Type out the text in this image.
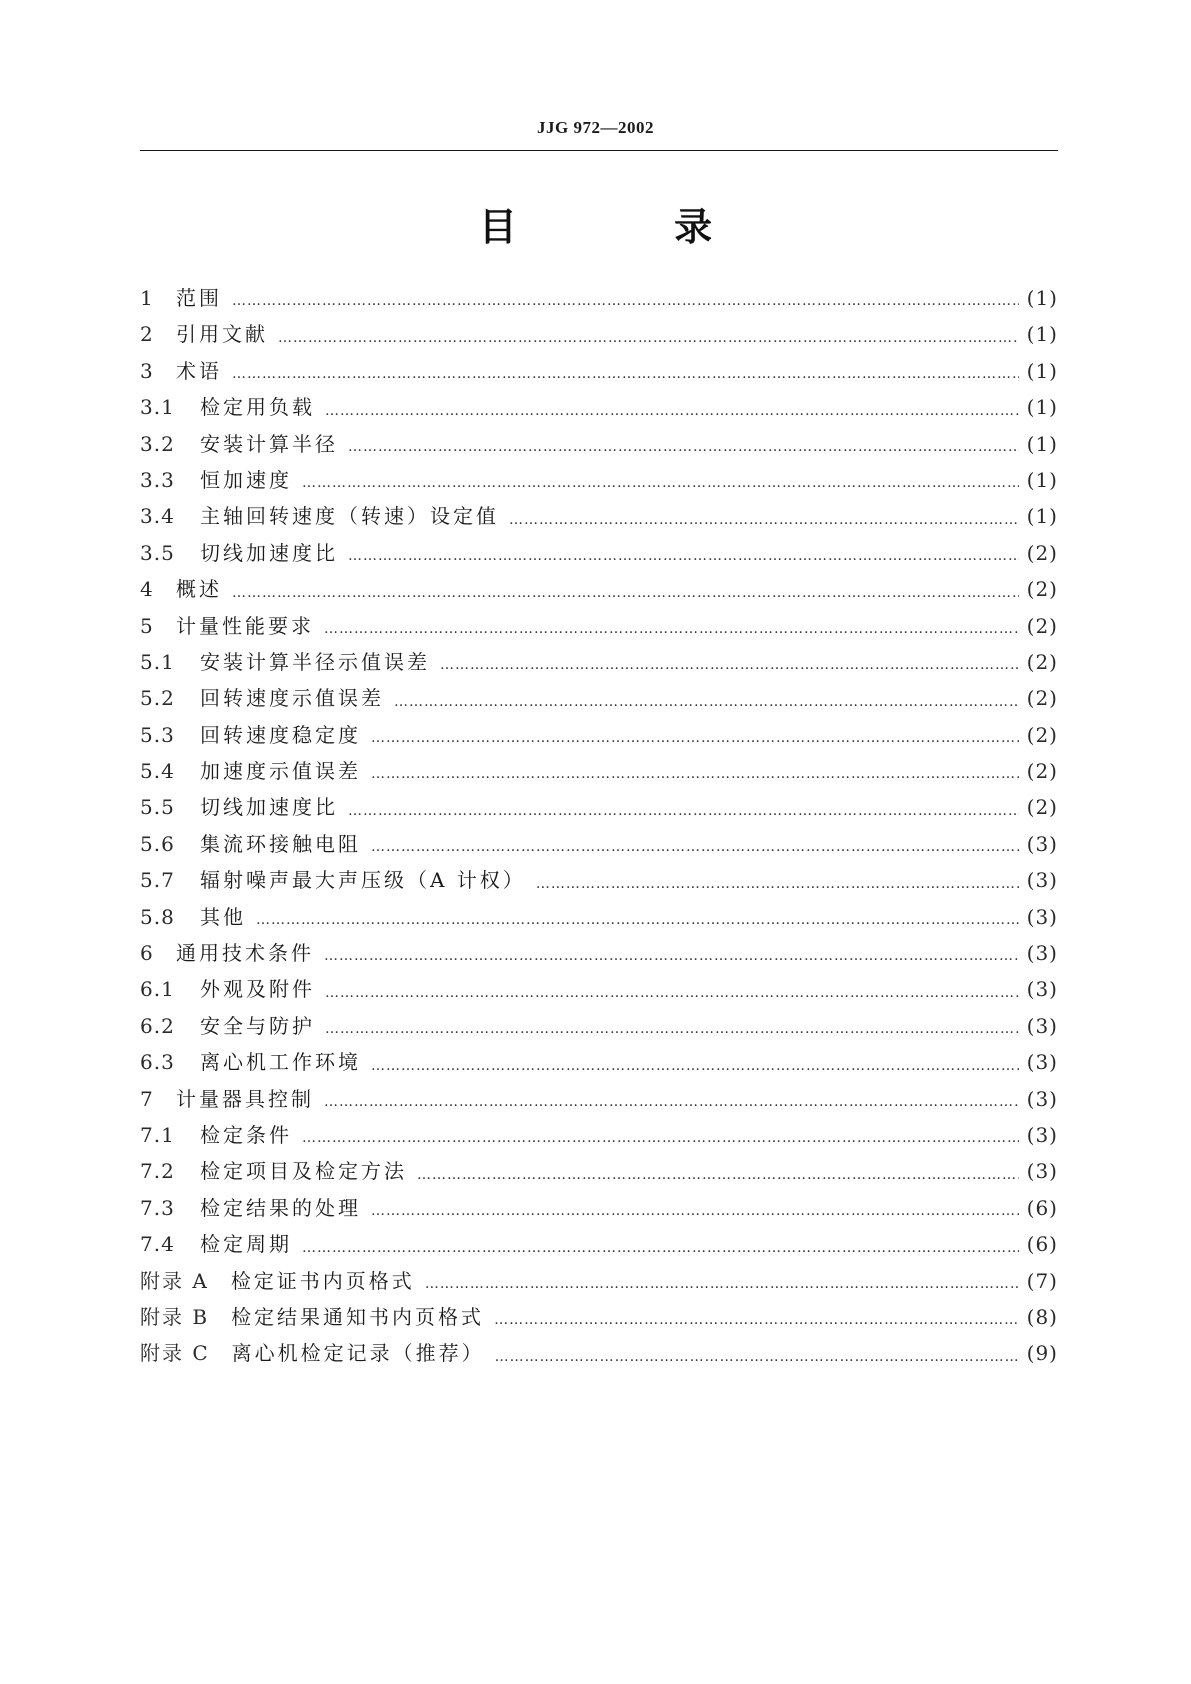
JJG 972—2002
目 录
1	范围 ……………………………………………………………………………………………………………………………………………………………………………………………………………………………………………………	(1)
2	引用文献 ……………………………………………………………………………………………………………………………………………………………………………………………………………………………………………………	(1)
3	术语 ……………………………………………………………………………………………………………………………………………………………………………………………………………………………………………………	(1)
3.1	检定用负载 ……………………………………………………………………………………………………………………………………………………………………………………………………………………………………………………	(1)
3.2	安装计算半径 ……………………………………………………………………………………………………………………………………………………………………………………………………………………………………………………	(1)
3.3	恒加速度 ……………………………………………………………………………………………………………………………………………………………………………………………………………………………………………………	(1)
3.4	主轴回转速度（转速）设定值 ……………………………………………………………………………………………………………………………………………………………………………………………………………………………………………………	(1)
3.5	切线加速度比 ……………………………………………………………………………………………………………………………………………………………………………………………………………………………………………………	(2)
4	概述 ……………………………………………………………………………………………………………………………………………………………………………………………………………………………………………………	(2)
5	计量性能要求 ……………………………………………………………………………………………………………………………………………………………………………………………………………………………………………………	(2)
5.1	安装计算半径示值误差 ……………………………………………………………………………………………………………………………………………………………………………………………………………………………………………………	(2)
5.2	回转速度示值误差 ……………………………………………………………………………………………………………………………………………………………………………………………………………………………………………………	(2)
5.3	回转速度稳定度 ……………………………………………………………………………………………………………………………………………………………………………………………………………………………………………………	(2)
5.4	加速度示值误差 ……………………………………………………………………………………………………………………………………………………………………………………………………………………………………………………	(2)
5.5	切线加速度比 ……………………………………………………………………………………………………………………………………………………………………………………………………………………………………………………	(2)
5.6	集流环接触电阻 ……………………………………………………………………………………………………………………………………………………………………………………………………………………………………………………	(3)
5.7	辐射噪声最大声压级（A 计权） ……………………………………………………………………………………………………………………………………………………………………………………………………………………………………………………	(3)
5.8	其他 ……………………………………………………………………………………………………………………………………………………………………………………………………………………………………………………	(3)
6	通用技术条件 ……………………………………………………………………………………………………………………………………………………………………………………………………………………………………………………	(3)
6.1	外观及附件 ……………………………………………………………………………………………………………………………………………………………………………………………………………………………………………………	(3)
6.2	安全与防护 ……………………………………………………………………………………………………………………………………………………………………………………………………………………………………………………	(3)
6.3	离心机工作环境 ……………………………………………………………………………………………………………………………………………………………………………………………………………………………………………………	(3)
7	计量器具控制 ……………………………………………………………………………………………………………………………………………………………………………………………………………………………………………………	(3)
7.1	检定条件 ……………………………………………………………………………………………………………………………………………………………………………………………………………………………………………………	(3)
7.2	检定项目及检定方法 ……………………………………………………………………………………………………………………………………………………………………………………………………………………………………………………	(3)
7.3	检定结果的处理 ……………………………………………………………………………………………………………………………………………………………………………………………………………………………………………………	(6)
7.4	检定周期 ……………………………………………………………………………………………………………………………………………………………………………………………………………………………………………………	(6)
附录 A	检定证书内页格式 ……………………………………………………………………………………………………………………………………………………………………………………………………………………………………………………	(7)
附录 B	检定结果通知书内页格式 ……………………………………………………………………………………………………………………………………………………………………………………………………………………………………………………	(8)
附录 C	离心机检定记录（推荐） ……………………………………………………………………………………………………………………………………………………………………………………………………………………………………………………	(9)
